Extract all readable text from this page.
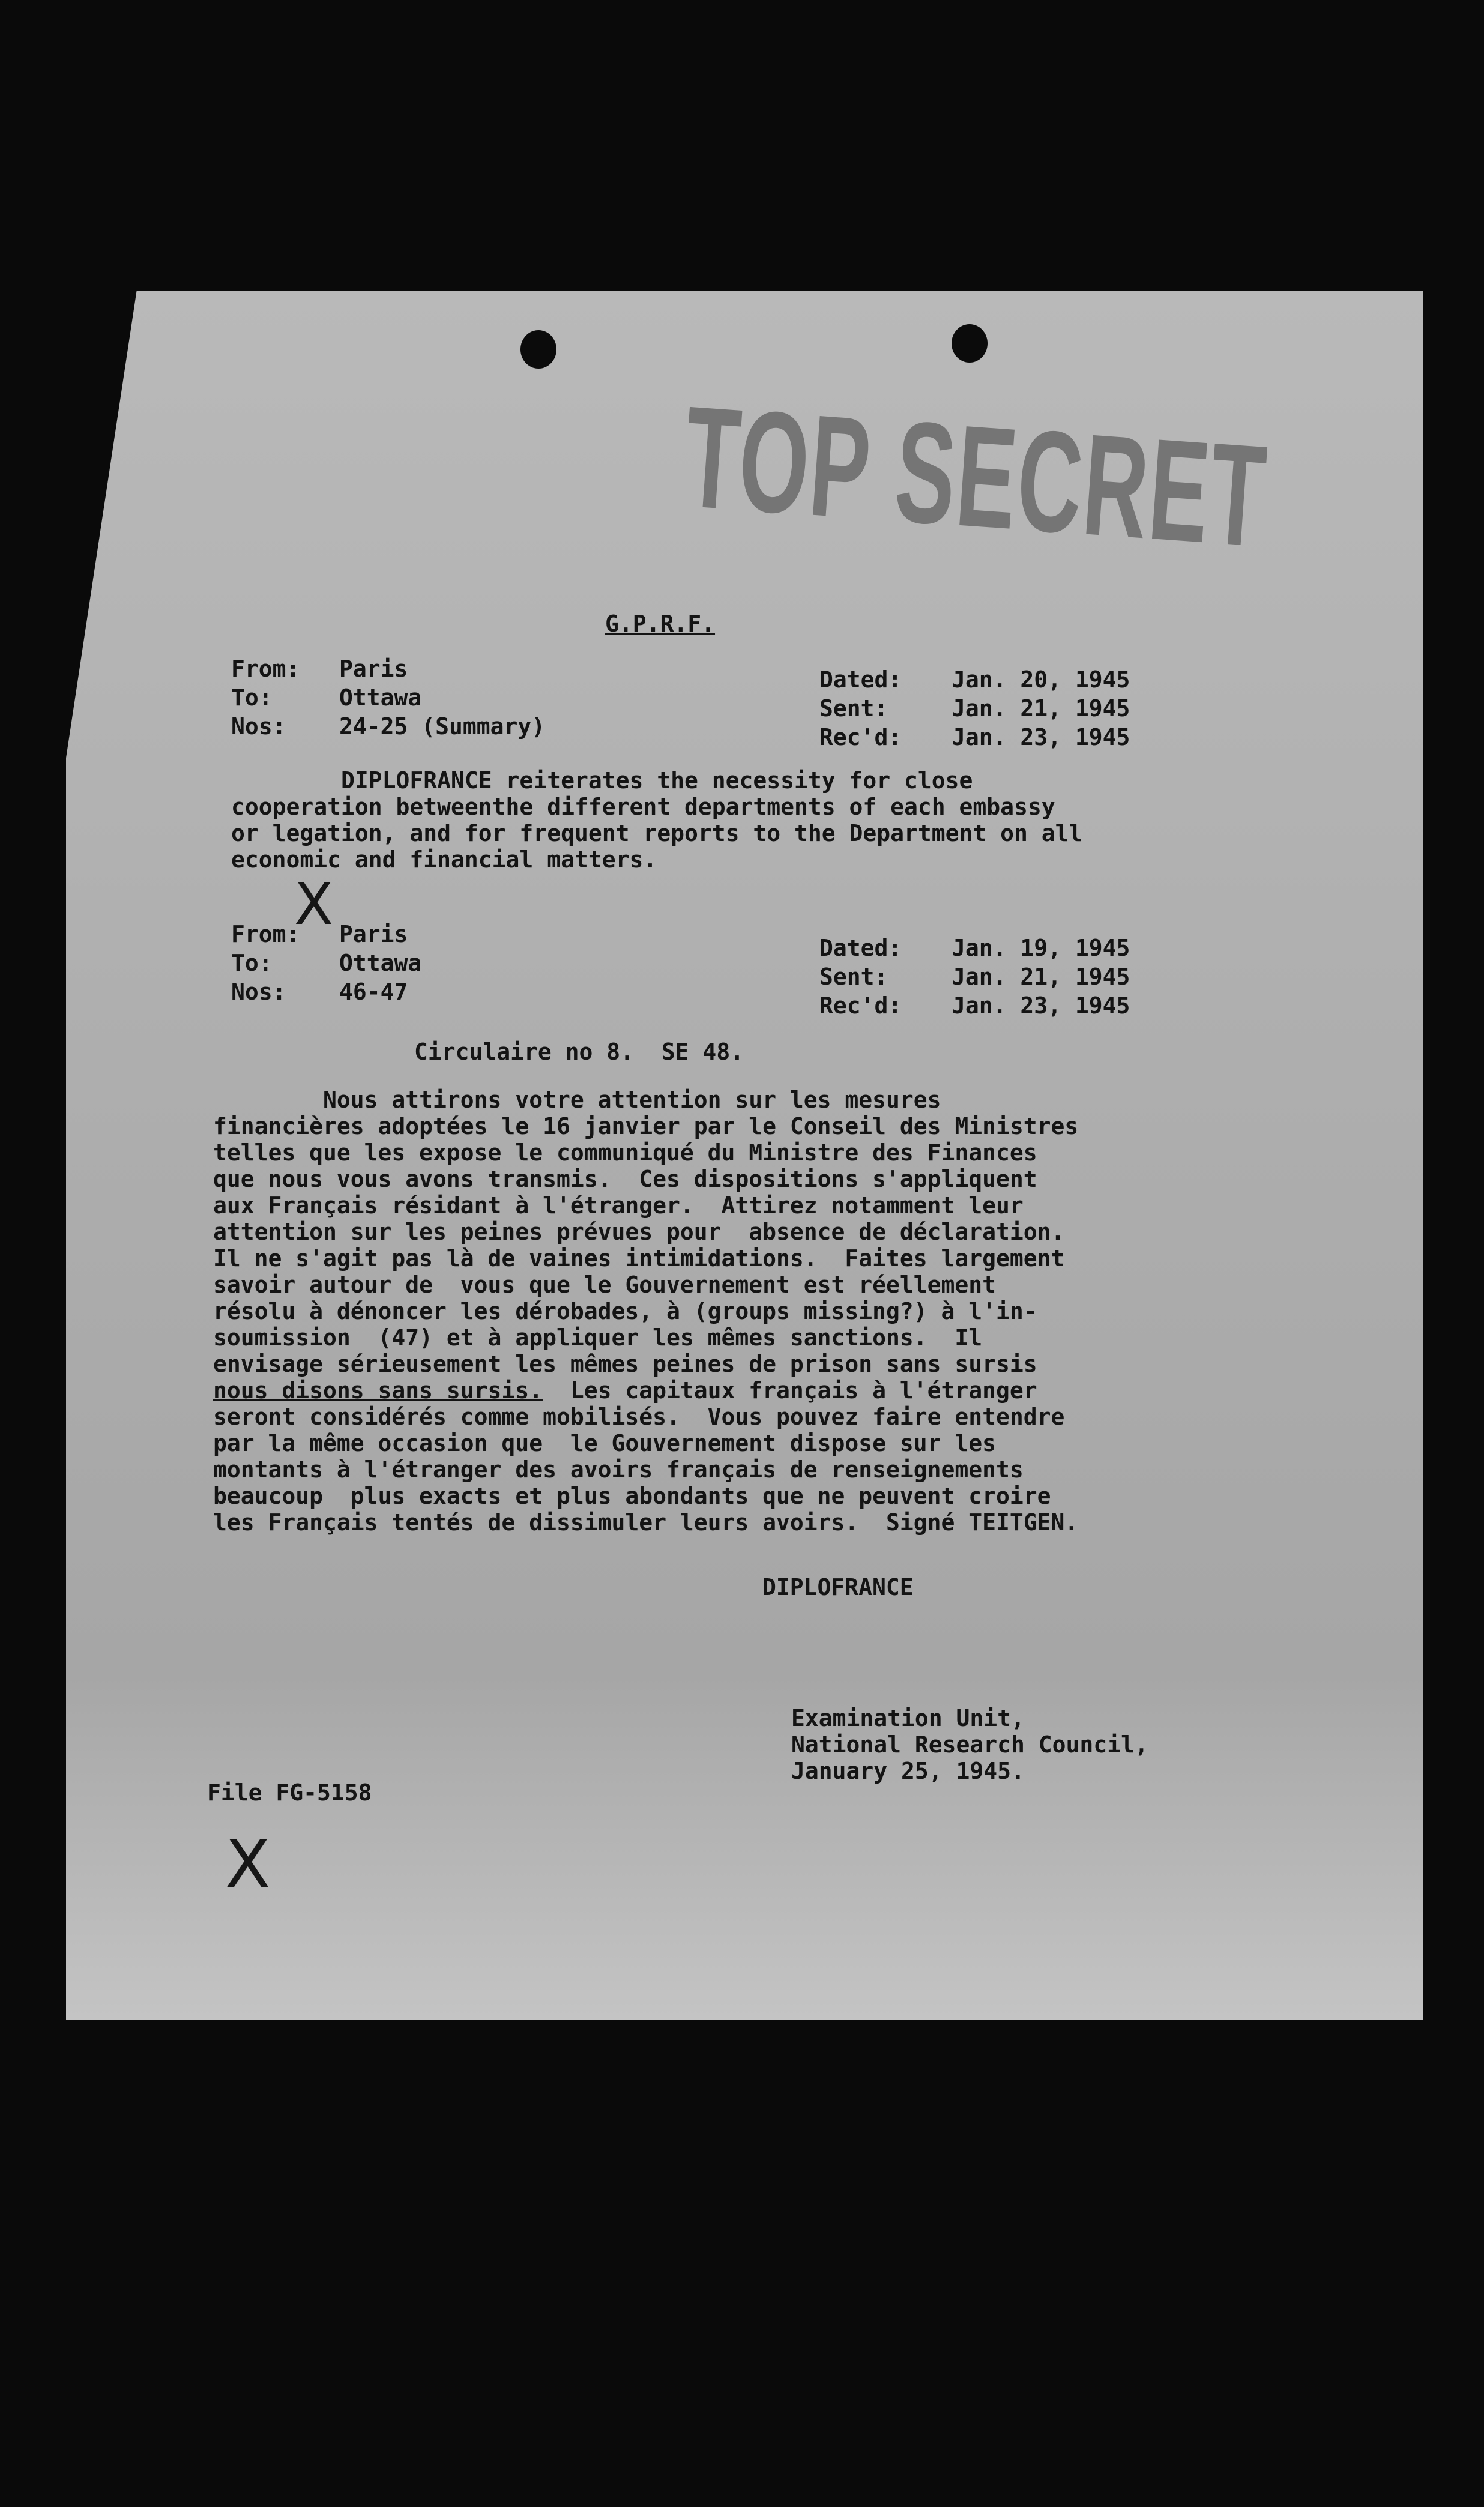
TOP SECRET
G.P.R.F.
From: Paris
To:	Ottawa
Nos: 24-25 (Summary)
Dated: Jan. 20, 1945
Sent:	Jan. 21, 1945
Rec'd: Jan. 23, 1945
DIPLOFRANCE reiterates the necessity for close
cooperation betweenthe different departments of each embassy
or legation, and for frequent reports to the Department on all
economic and financial matters.
X
From: Paris
To:	Ottawa
Nos: 46-47
Dated: Jan. 19, 1945
Sent:	Jan. 21, 1945
Rec'd: Jan. 23, 1945
Circulaire no 8.  SE 48.
Nous attirons votre attention sur les mesures
financières adoptées le 16 janvier par le Conseil des Ministres
telles que les expose le communiqué du Ministre des Finances
que nous vous avons transmis.  Ces dispositions s'appliquent
aux Français résidant à l'étranger.  Attirez notamment leur
attention sur les peines prévues pour  absence de déclaration.
Il ne s'agit pas là de vaines intimidations.  Faites largement
savoir autour de  vous que le Gouvernement est réellement
résolu à dénoncer les dérobades, à (groups missing?) à l'in-
soumission  (47) et à appliquer les mêmes sanctions.  Il
envisage sérieusement les mêmes peines de prison sans sursis
nous disons sans sursis.  Les capitaux français à l'étranger
seront considérés comme mobilisés.  Vous pouvez faire entendre
par la même occasion que  le Gouvernement dispose sur les
montants à l'étranger des avoirs français de renseignements
beaucoup  plus exacts et plus abondants que ne peuvent croire
les Français tentés de dissimuler leurs avoirs.  Signé TEITGEN.
DIPLOFRANCE
Examination Unit,
National Research Council,
January 25, 1945.
File FG-5158
X
